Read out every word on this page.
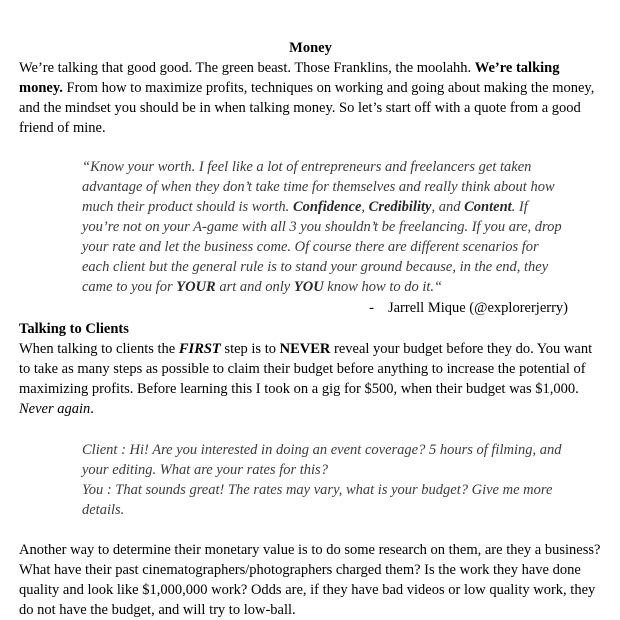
Money

We’re talking that good good. The green beast. Those Franklins, the moolahh. We’re talking money. From how to maximize profits, techniques on working and going about making the money, and the mindset you should be in when talking money. So let’s start off with a quote from a good friend of mine.

“Know your worth. I feel like a lot of entrepreneurs and freelancers get taken advantage of when they don’t take time for themselves and really think about how much their product should is worth. Confidence, Credibility, and Content. If you’re not on your A-game with all 3 you shouldn’t be freelancing. If you are, drop your rate and let the business come. Of course there are different scenarios for each client but the general rule is to stand your ground because, in the end, they came to you for YOUR art and only YOU know how to do it.“

- Jarrell Mique (@explorerjerry)

Talking to Clients

When talking to clients the FIRST step is to NEVER reveal your budget before they do. You want to take as many steps as possible to claim their budget before anything to increase the potential of maximizing profits. Before learning this I took on a gig for $500, when their budget was $1,000. Never again.

Client : Hi! Are you interested in doing an event coverage? 5 hours of filming, and your editing. What are your rates for this?

You : That sounds great! The rates may vary, what is your budget? Give me more details.

Another way to determine their monetary value is to do some research on them, are they a business? What have their past cinematographers/photographers charged them? Is the work they have done quality and look like $1,000,000 work? Odds are, if they have bad videos or low quality work, they do not have the budget, and will try to low-ball.
